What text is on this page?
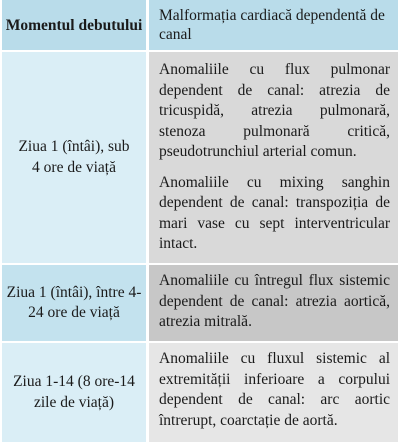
Momentul debutului
Malformația cardiacă dependentă de canal
Ziua 1 (întâi), sub 4 ore de viață

Anomaliile cu flux pulmonar dependent de canal: atrezia de tricuspidă, atrezia pulmonară, stenoza pulmonară critică, pseudotrunchiul arterial comun.

Anomaliile cu mixing sanghin dependent de canal: transpoziția de mari vase cu sept interventricular intact.

Ziua 1 (întâi), între 4-24 ore de viață

Anomaliile cu întregul flux sistemic dependent de canal: atrezia aortică, atrezia mitrală.

Ziua 1-14 (8 ore-14 zile de viață)

Anomaliile cu fluxul sistemic al extremității inferioare a corpului dependent de canal: arc aortic întrerupt, coarctație de aortă.
